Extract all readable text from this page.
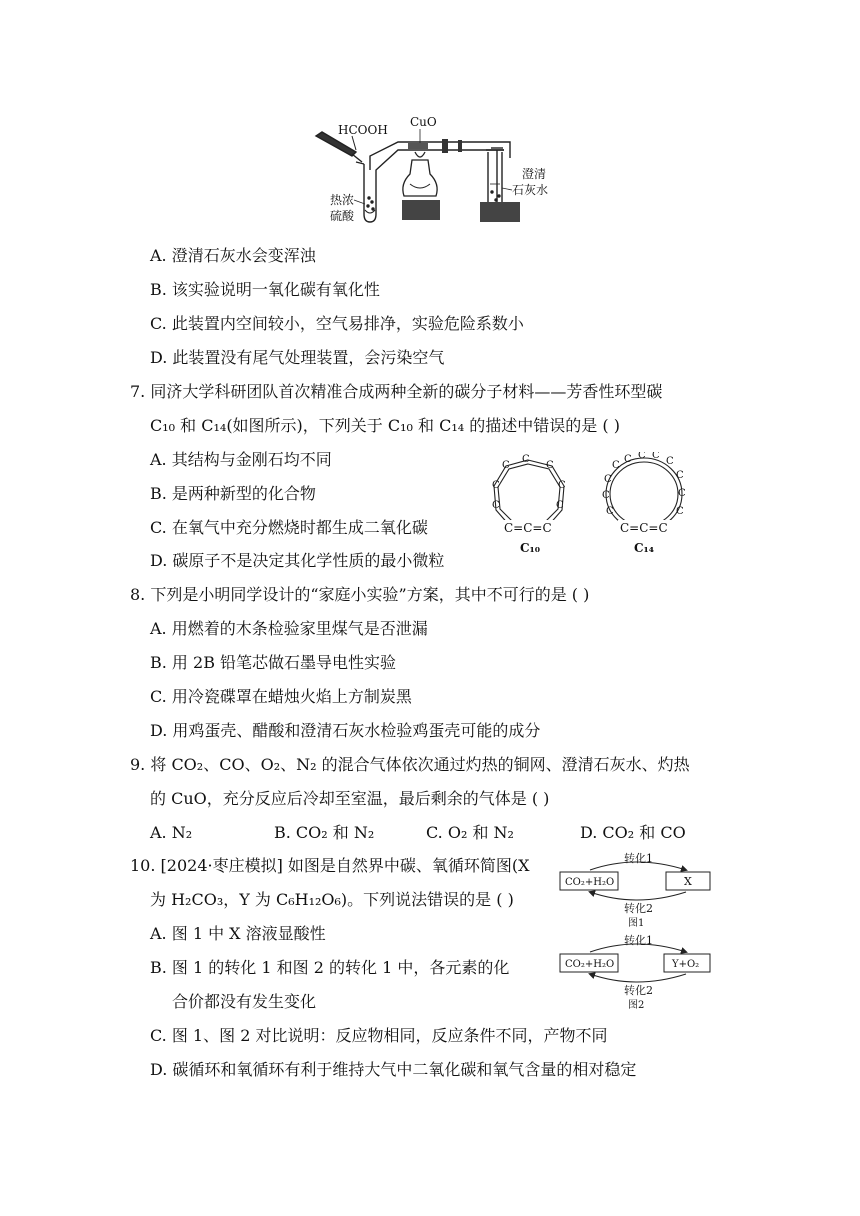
HCOOH
热浓
硫酸
CuO
澄清
石灰水
A. 澄清石灰水会变浑浊
B. 该实验说明一氧化碳有氧化性
C. 此装置内空间较小，空气易排净，实验危险系数小
D. 此装置没有尾气处理装置，会污染空气
7. 同济大学科研团队首次精准合成两种全新的碳分子材料——芳香性环型碳
C₁₀ 和 C₁₄(如图所示)，下列关于 C₁₀ 和 C₁₄ 的描述中错误的是 ( )
A. 其结构与金刚石均不同
B. 是两种新型的化合物
C. 在氧气中充分燃烧时都生成二氧化碳
D. 碳原子不是决定其化学性质的最小微粒
C
C
C
C
C
C
C
C=C=C
C₁₀
C C C
C
C
C
C
C
C
C
C
C=C=C
C₁₄
8. 下列是小明同学设计的“家庭小实验”方案，其中不可行的是 ( )
A. 用燃着的木条检验家里煤气是否泄漏
B. 用 2B 铅笔芯做石墨导电性实验
C. 用冷瓷碟罩在蜡烛火焰上方制炭黑
D. 用鸡蛋壳、醋酸和澄清石灰水检验鸡蛋壳可能的成分
9. 将 CO₂、CO、O₂、N₂ 的混合气体依次通过灼热的铜网、澄清石灰水、灼热
的 CuO，充分反应后冷却至室温，最后剩余的气体是 ( )
A. N₂	B. CO₂ 和 N₂	C. O₂ 和 N₂	D. CO₂ 和 CO
10. [2024·枣庄模拟] 如图是自然界中碳、氧循环简图(X
为 H₂CO₃，Y 为 C₆H₁₂O₆)。下列说法错误的是 ( )
A. 图 1 中 X 溶液显酸性
B. 图 1 的转化 1 和图 2 的转化 1 中，各元素的化
合价都没有发生变化
C. 图 1、图 2 对比说明：反应物相同，反应条件不同，产物不同
D. 碳循环和氧循环有利于维持大气中二氧化碳和氧气含量的相对稳定
转化1
CO₂+H₂O	X
转化2
图1
转化1
CO₂+H₂O	Y+O₂
转化2
图2
